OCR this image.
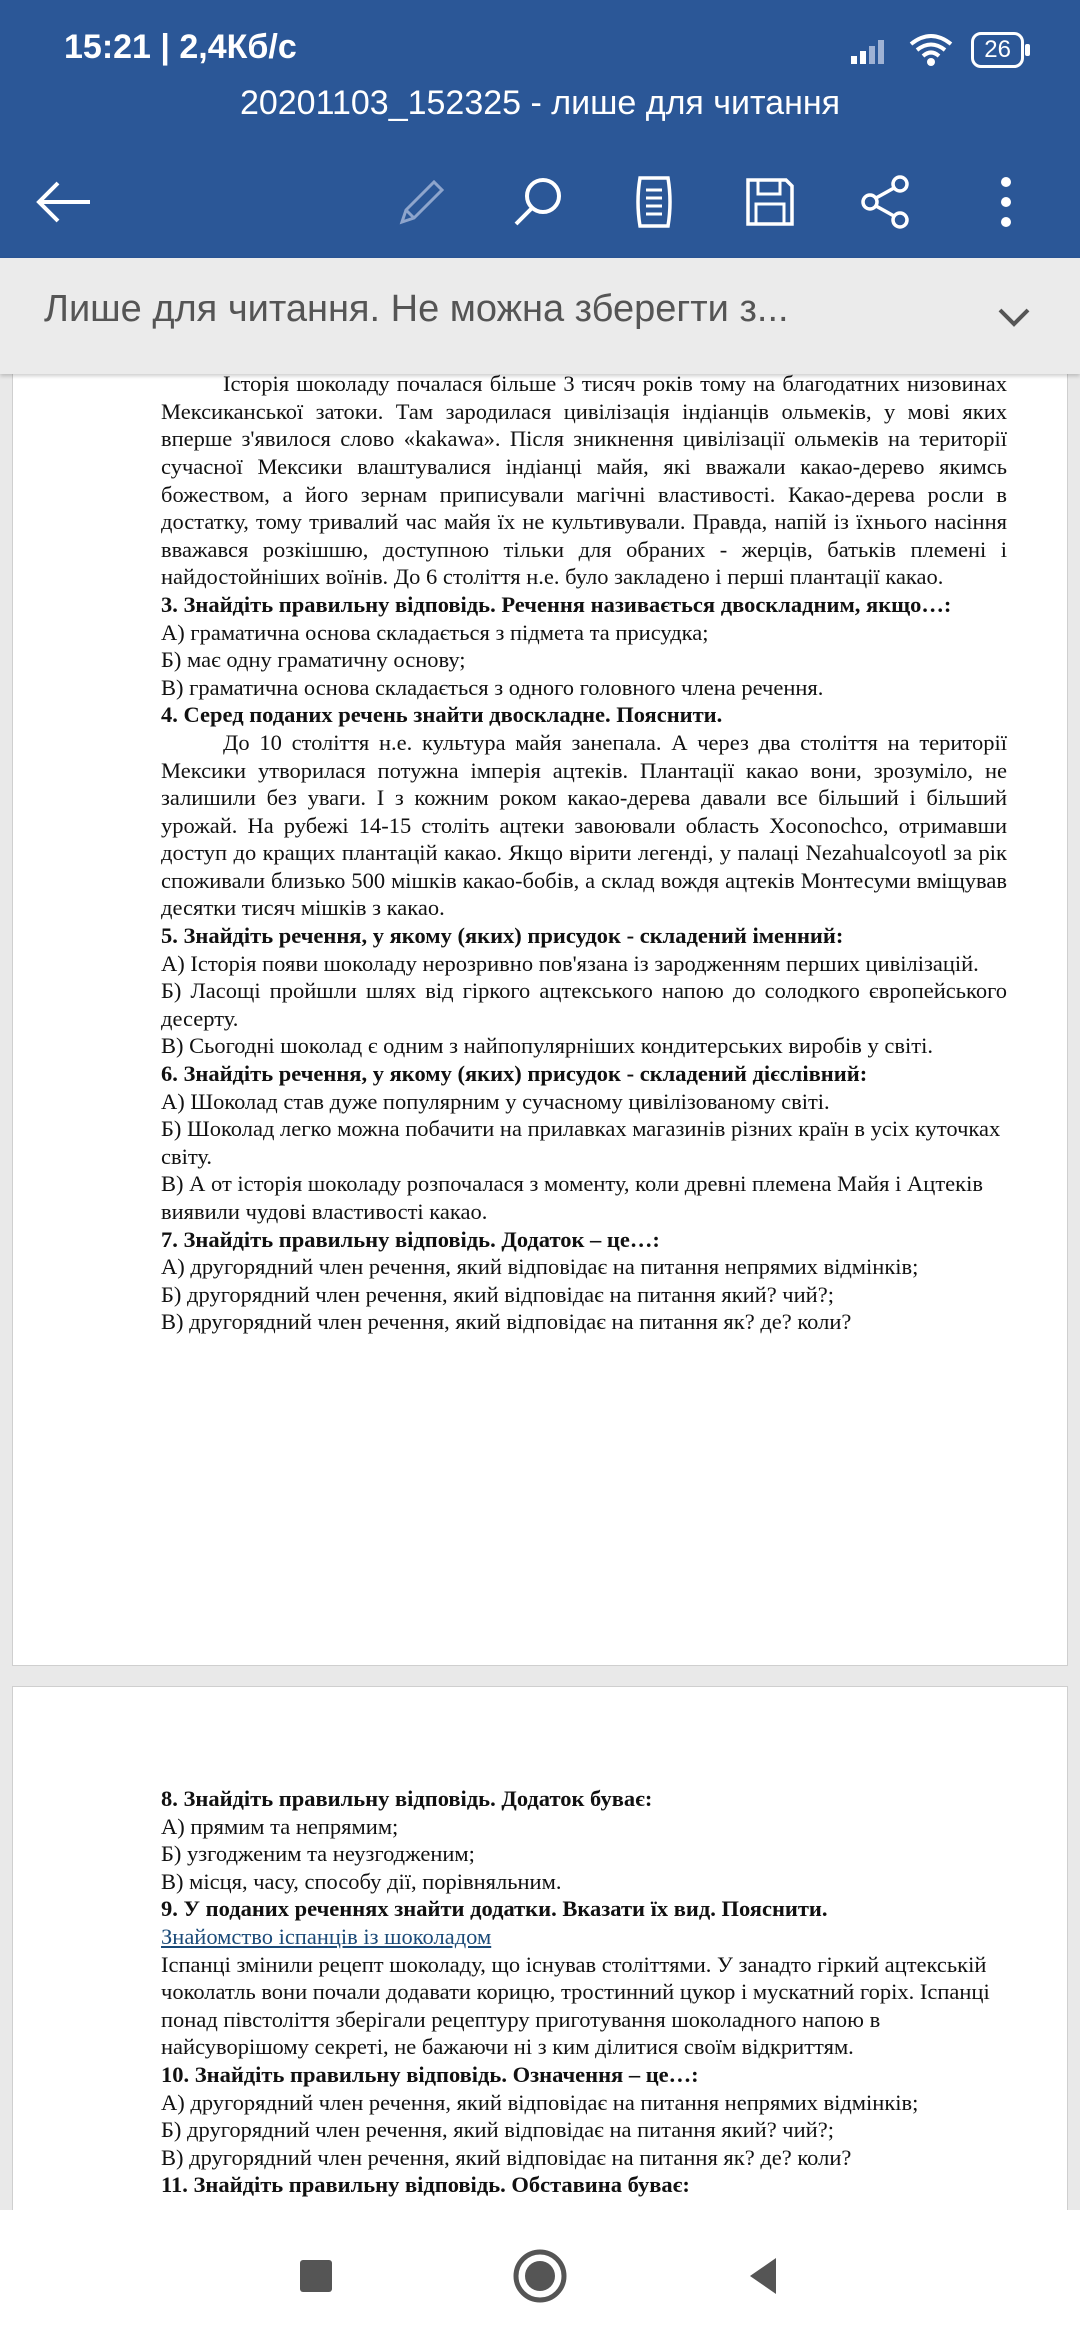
15:21 | 2,4Кб/с	26
20201103_152325 - лише для читання
Лише для читання. Не можна зберегти з...

Історія шоколаду почалася більше 3 тисяч років тому на благодатних низовинах Мексиканської затоки. Там зародилася цивілізація індіанців ольмеків, у мові яких вперше з'явилося слово «kakawa». Після зникнення цивілізації ольмеків на території сучасної Мексики влаштувалися індіанці майя, які вважали какао-дерево якимсь божеством, а його зернам приписували магічні властивості. Какао-дерева росли в достатку, тому тривалий час майя їх не культивували. Правда, напій із їхнього насіння вважався розкішшю, доступною тільки для обраних - жерців, батьків племені і найдостойніших воїнів. До 6 століття н.е. було закладено і перші плантації какао.

3. Знайдіть правильну відповідь. Речення називається двоскладним, якщо…:

А) граматична основа складається з підмета та присудка;

Б) має одну граматичну основу;

В) граматична основа складається з одного головного члена речення.

4. Серед поданих речень знайти двоскладне. Пояснити.

До 10 століття н.е. культура майя занепала. А через два століття на території Мексики утворилася потужна імперія ацтеків. Плантації какао вони, зрозуміло, не залишили без уваги. І з кожним роком какао-дерева давали все більший і більший урожай. На рубежі 14-15 століть ацтеки завоювали область Xoconochco, отримавши доступ до кращих плантацій какао. Якщо вірити легенді, у палаці Nezahualcoyotl за рік споживали близько 500 мішків какао-бобів, а склад вождя ацтеків Монтесуми вміщував десятки тисяч мішків з какао.

5. Знайдіть речення, у якому (яких) присудок - складений іменний:

А) Історія появи шоколаду нерозривно пов'язана із зародженням перших цивілізацій.

Б) Ласощі пройшли шлях від гіркого ацтекського напою до солодкого європейського десерту.

В) Сьогодні шоколад є одним з найпопулярніших кондитерських виробів у світі.

6. Знайдіть речення, у якому (яких) присудок - складений дієслівний:

А) Шоколад став дуже популярним у сучасному цивілізованому світі.

Б) Шоколад легко можна побачити на прилавках магазинів різних країн в усіх куточках світу.

В) А от історія шоколаду розпочалася з моменту, коли древні племена Майя і Ацтеків виявили чудові властивості какао.

7. Знайдіть правильну відповідь. Додаток – це…:

А) другорядний член речення, який відповідає на питання непрямих відмінків;

Б) другорядний член речення, який відповідає на питання який? чий?;

В) другорядний член речення, який відповідає на питання як? де? коли?

8. Знайдіть правильну відповідь. Додаток буває:

А) прямим та непрямим;

Б) узгодженим та неузгодженим;

В) місця, часу, способу дії, порівняльним.

9. У поданих реченнях знайти додатки. Вказати їх вид. Пояснити.

Знайомство іспанців із шоколадом

Іспанці змінили рецепт шоколаду, що існував століттями. У занадто гіркий ацтекській чоколатль вони почали додавати корицю, тростинний цукор і мускатний горіх. Іспанці понад півстоліття зберігали рецептуру приготування шоколадного напою в найсуворішому секреті, не бажаючи ні з ким ділитися своїм відкриттям.

10. Знайдіть правильну відповідь. Означення – це…:

А) другорядний член речення, який відповідає на питання непрямих відмінків;

Б) другорядний член речення, який відповідає на питання який? чий?;

В) другорядний член речення, який відповідає на питання як? де? коли?

11. Знайдіть правильну відповідь. Обставина буває:
